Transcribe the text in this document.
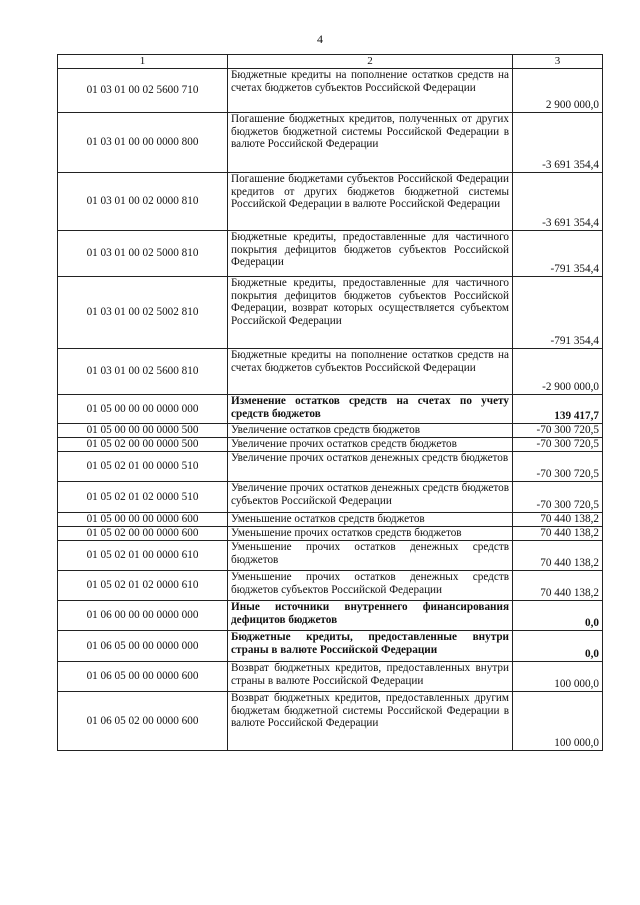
4
1	2	3
01 03 01 00 02 5600 710	Бюджетные кредиты на пополнение остатков средств на счетах бюджетов субъектов Российской Федерации	2 900 000,0
01 03 01 00 00 0000 800	Погашение бюджетных кредитов, полученных от других бюджетов бюджетной системы Российской Федерации в валюте Российской Федерации	-3 691 354,4
01 03 01 00 02 0000 810	Погашение бюджетами субъектов Российской Федерации кредитов от других бюджетов бюджетной системы Российской Федерации в валюте Российской Федерации	-3 691 354,4
01 03 01 00 02 5000 810	Бюджетные кредиты, предоставленные для частичного покрытия дефицитов бюджетов субъектов Российской Федерации	-791 354,4
01 03 01 00 02 5002 810	Бюджетные кредиты, предоставленные для частичного покрытия дефицитов бюджетов субъектов Российской Федерации, возврат которых осуществляется субъектом Российской Федерации	-791 354,4
01 03 01 00 02 5600 810	Бюджетные кредиты на пополнение остатков средств на счетах бюджетов субъектов Российской Федерации	-2 900 000,0
01 05 00 00 00 0000 000	Изменение остатков средств на счетах по учету средств бюджетов	139 417,7
01 05 00 00 00 0000 500	Увеличение остатков средств бюджетов	-70 300 720,5
01 05 02 00 00 0000 500	Увеличение прочих остатков средств бюджетов	-70 300 720,5
01 05 02 01 00 0000 510	Увеличение прочих остатков денежных средств бюджетов	-70 300 720,5
01 05 02 01 02 0000 510	Увеличение прочих остатков денежных средств бюджетов субъектов Российской Федерации	-70 300 720,5
01 05 00 00 00 0000 600	Уменьшение остатков средств бюджетов	70 440 138,2
01 05 02 00 00 0000 600	Уменьшение прочих остатков средств бюджетов	70 440 138,2
01 05 02 01 00 0000 610	Уменьшение прочих остатков денежных средств бюджетов	70 440 138,2
01 05 02 01 02 0000 610	Уменьшение прочих остатков денежных средств бюджетов субъектов Российской Федерации	70 440 138,2
01 06 00 00 00 0000 000	Иные источники внутреннего финансирования дефицитов бюджетов	0,0
01 06 05 00 00 0000 000	Бюджетные кредиты, предоставленные внутри страны в валюте Российской Федерации	0,0
01 06 05 00 00 0000 600	Возврат бюджетных кредитов, предоставленных внутри страны в валюте Российской Федерации	100 000,0
01 06 05 02 00 0000 600	Возврат бюджетных кредитов, предоставленных другим бюджетам бюджетной системы Российской Федерации в валюте Российской Федерации	100 000,0
